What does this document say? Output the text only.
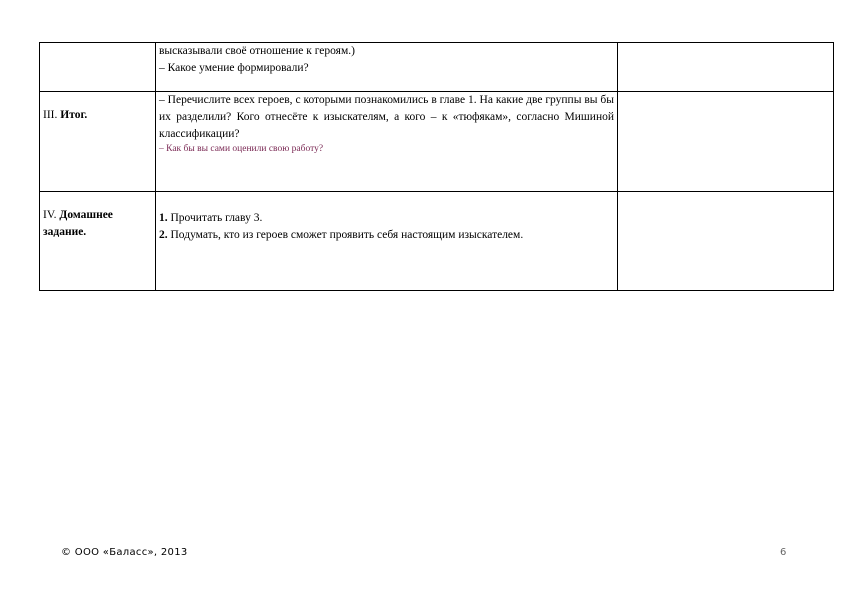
	высказывали своё отношение к героям.)
– Какое умение формировали?	

III. Итог.	– Перечислите всех героев, с которыми познакомились в главе 1. На какие две группы вы бы их разделили? Кого отнесёте к изыскателям, а кого – к «тюфякам», согласно Мишиной классификации?
– Как бы вы сами оценили свою работу?	

IV. Домашнее задание.	1. Прочитать главу 3.
2. Подумать, кто из героев сможет проявить себя настоящим изыскателем.	

© ООО «Баласс», 2013	6
